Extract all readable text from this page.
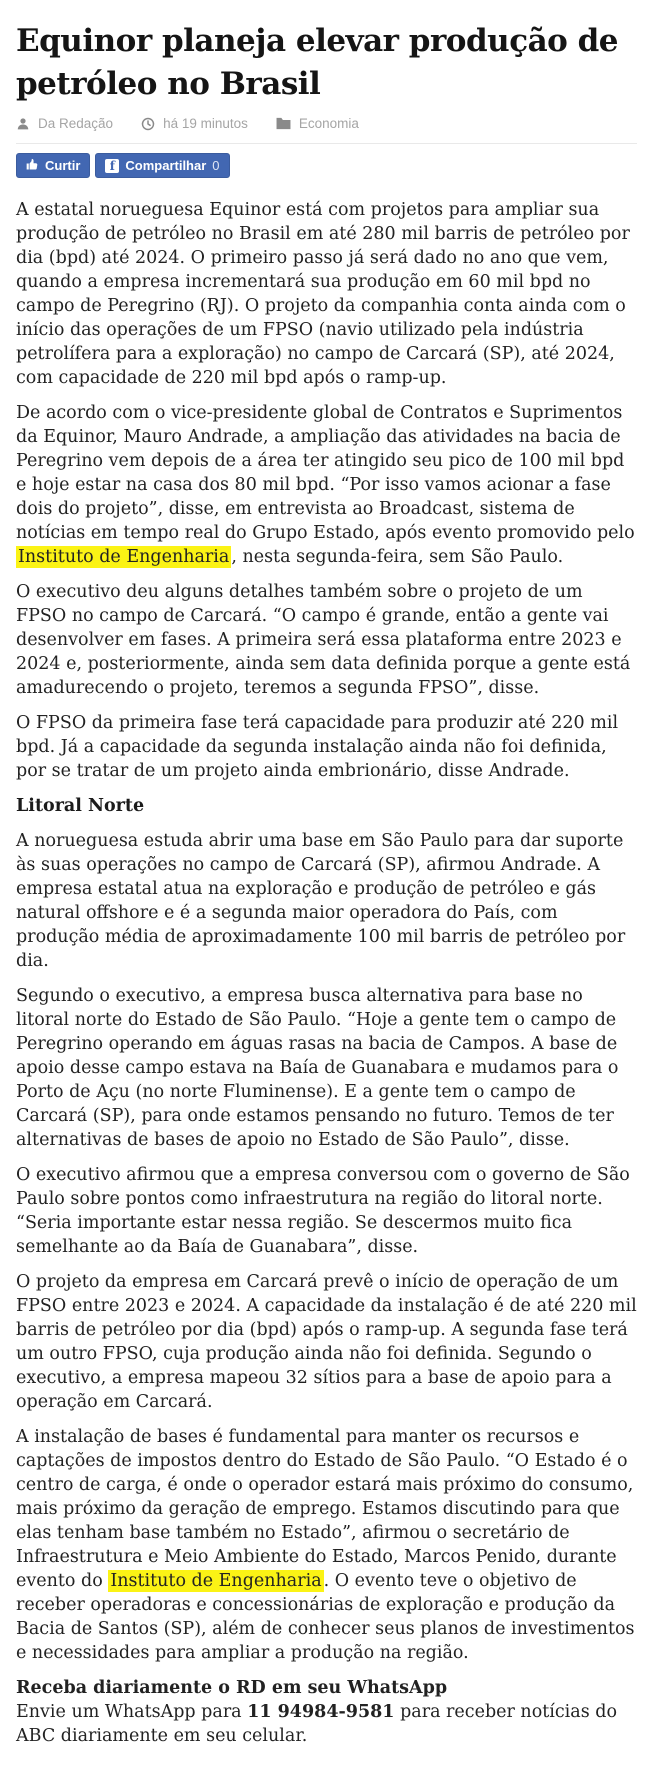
Equinor planeja elevar produção de petróleo no Brasil
Da Redação	há 19 minutos	Economia
Curtir f	Compartilhar 0

A estatal norueguesa Equinor está com projetos para ampliar sua produção de petróleo no Brasil em até 280 mil barris de petróleo por dia (bpd) até 2024. O primeiro passo já será dado no ano que vem, quando a empresa incrementará sua produção em 60 mil bpd no campo de Peregrino (RJ). O projeto da companhia conta ainda com o início das operações de um FPSO (navio utilizado pela indústria petrolífera para a exploração) no campo de Carcará (SP), até 2024, com capacidade de 220 mil bpd após o ramp-up.

De acordo com o vice-presidente global de Contratos e Suprimentos da Equinor, Mauro Andrade, a ampliação das atividades na bacia de Peregrino vem depois de a área ter atingido seu pico de 100 mil bpd e hoje estar na casa dos 80 mil bpd. “Por isso vamos acionar a fase dois do projeto”, disse, em entrevista ao Broadcast, sistema de notícias em tempo real do Grupo Estado, após evento promovido pelo Instituto de Engenharia , nesta segunda-feira, sem São Paulo.

O executivo deu alguns detalhes também sobre o projeto de um FPSO no campo de Carcará. “O campo é grande, então a gente vai desenvolver em fases. A primeira será essa plataforma entre 2023 e 2024 e, posteriormente, ainda sem data definida porque a gente está amadurecendo o projeto, teremos a segunda FPSO”, disse.

O FPSO da primeira fase terá capacidade para produzir até 220 mil bpd. Já a capacidade da segunda instalação ainda não foi definida, por se tratar de um projeto ainda embrionário, disse Andrade.

Litoral Norte

A norueguesa estuda abrir uma base em São Paulo para dar suporte às suas operações no campo de Carcará (SP), afirmou Andrade. A empresa estatal atua na exploração e produção de petróleo e gás natural offshore e é a segunda maior operadora do País, com produção média de aproximadamente 100 mil barris de petróleo por dia.

Segundo o executivo, a empresa busca alternativa para base no litoral norte do Estado de São Paulo. “Hoje a gente tem o campo de Peregrino operando em águas rasas na bacia de Campos. A base de apoio desse campo estava na Baía de Guanabara e mudamos para o Porto de Açu (no norte Fluminense). E a gente tem o campo de Carcará (SP), para onde estamos pensando no futuro. Temos de ter alternativas de bases de apoio no Estado de São Paulo”, disse.

O executivo afirmou que a empresa conversou com o governo de São Paulo sobre pontos como infraestrutura na região do litoral norte. “Seria importante estar nessa região. Se descermos muito fica semelhante ao da Baía de Guanabara”, disse.

O projeto da empresa em Carcará prevê o início de operação de um FPSO entre 2023 e 2024. A capacidade da instalação é de até 220 mil barris de petróleo por dia (bpd) após o ramp-up. A segunda fase terá um outro FPSO, cuja produção ainda não foi definida. Segundo o executivo, a empresa mapeou 32 sítios para a base de apoio para a operação em Carcará.

A instalação de bases é fundamental para manter os recursos e captações de impostos dentro do Estado de São Paulo. “O Estado é o centro de carga, é onde o operador estará mais próximo do consumo, mais próximo da geração de emprego. Estamos discutindo para que elas tenham base também no Estado”, afirmou o secretário de Infraestrutura e Meio Ambiente do Estado, Marcos Penido, durante evento do Instituto de Engenharia . O evento teve o objetivo de receber operadoras e concessionárias de exploração e produção da Bacia de Santos (SP), além de conhecer seus planos de investimentos e necessidades para ampliar a produção na região.

Receba diariamente o RD em seu WhatsApp
Envie um WhatsApp para 11 94984-9581 para receber notícias do ABC diariamente em seu celular.
